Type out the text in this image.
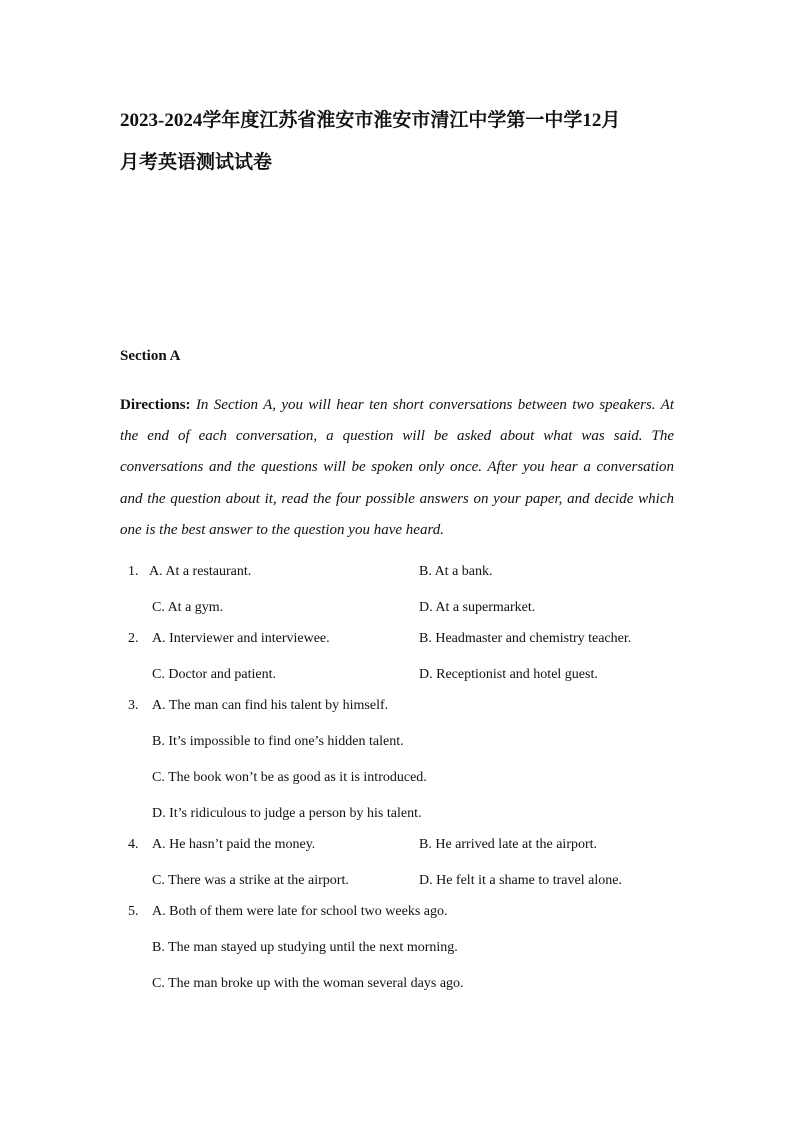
2023-2024学年度江苏省淮安市淮安市清江中学第一中学12月
月考英语测试试卷
Section A
Directions: In Section A, you will hear ten short conversations between two speakers. At the end of each conversation, a question will be asked about what was said. The conversations and the questions will be spoken only once. After you hear a conversation and the question about it, read the four possible answers on your paper, and decide which one is the best answer to the question you have heard.
1. A. At a restaurant.	B. At a bank.
C. At a gym.	D. At a supermarket.
2. A. Interviewer and interviewee.	B. Headmaster and chemistry teacher.
C. Doctor and patient.	D. Receptionist and hotel guest.
3. A. The man can find his talent by himself.
B. It’s impossible to find one’s hidden talent.
C. The book won’t be as good as it is introduced.
D. It’s ridiculous to judge a person by his talent.
4. A. He hasn’t paid the money.	B. He arrived late at the airport.
C. There was a strike at the airport.	D. He felt it a shame to travel alone.
5. A. Both of them were late for school two weeks ago.
B. The man stayed up studying until the next morning.
C. The man broke up with the woman several days ago.
